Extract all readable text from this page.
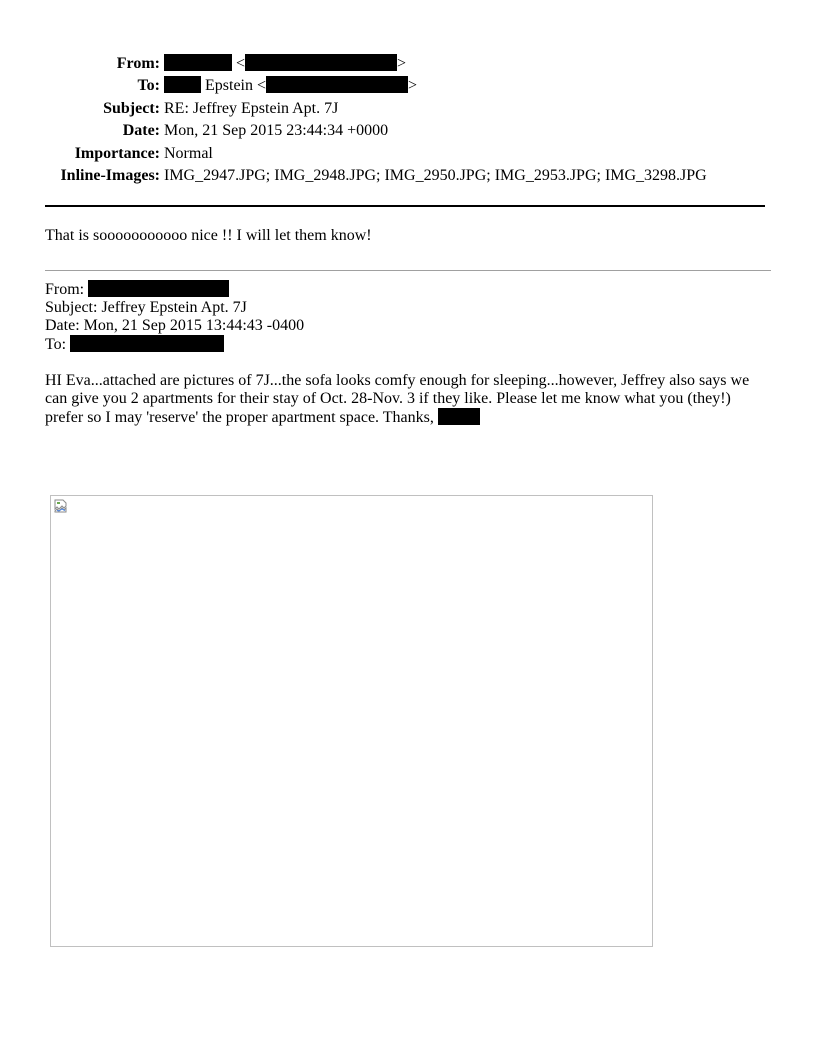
From:	<	>
To:	Epstein <	>
Subject: RE: Jeffrey Epstein Apt. 7J
Date: Mon, 21 Sep 2015 23:44:34 +0000
Importance: Normal
Inline-Images: IMG_2947.JPG; IMG_2948.JPG; IMG_2950.JPG; IMG_2953.JPG; IMG_3298.JPG
That is sooooooooooo nice !! I will let them know!
From:
Subject: Jeffrey Epstein Apt. 7J
Date: Mon, 21 Sep 2015 13:44:43 -0400
To:
HI Eva...attached are pictures of 7J...the sofa looks comfy enough for sleeping...however, Jeffrey also says we can give you 2 apartments for their stay of Oct. 28-Nov. 3 if they like. Please let me know what you (they!) prefer so I may 'reserve' the proper apartment space. Thanks,
